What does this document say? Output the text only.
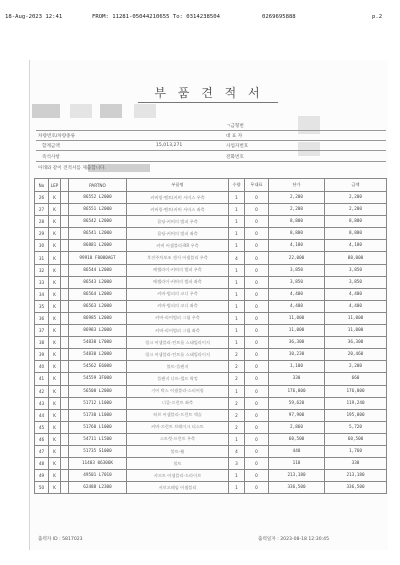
18-Aug-2023 12:41	FROM: 11281-05044210655 To: 0314238504	0269695888	p.2
부 품 견 적 서
ㄱ금형번
차량번호/차량종류	대 표 자
합계금액	15,013,271	사업자번호
즉석사항	전화번호
아래와 같이 견적서를 제출합니다.
No	LEP		PARTNO	부품명	수량	무대표	단가	금액
26	K		86552 L2000	커버링-벤트(커버 서비스 우측	1	0	2,200	2,200
27	K		86551 L2000	커버링-벤트(커버 서비스 좌측	1	0	2,200	2,200
28	K		86542 L2000	몰딩-커버의 범퍼 우측	1	0	8,800	8,800
29	K		86541 L2000	몰딩-커버의 범퍼 좌측	1	0	8,800	8,800
30	K		86881 L2000	커버 어셈블리-RR 우측	1	0	4,180	4,180
31	K		99910 F8000AGT	후진주차보조 센서 어셈블리 우측	4	0	22,000	88,000
32	K		86544 L2000	베젤라이-커버의 범퍼 우측	1	0	3,850	3,850
33	K		86543 L2000	베젤라이-커버의 범퍼 좌측	1	0	3,850	3,850
34	K		86564 L2000	커버-범퍼의 코너 우측	1	0	4,400	4,400
35	K		86563 L2000	커버-범퍼의 코너 좌측	1	0	4,400	4,400
36	K		86985 L2000	커버-리어범퍼 그립 우측	1	0	11,000	11,000
37	K		86983 L2000	커버-리어범퍼 그립 좌측	1	0	11,000	11,000
38	K		54830 L7000	링크 어셈블리-컨트롤 스태빌라이저	1	0	36,300	36,300
39	K		54830 L2000	링크 어셈블리-컨트롤 스태빌라이저	2	0	10,230	20,460
40	K		54562 E6000	볼트-플랜지	2	0	1,100	2,200
41	K		54559 3F000	플랜지 너트-셀프 락킹	2	0	330	660
42	K		56500 L2000	기어 박스 어셈블리-스티어링	1	0	176,000	176,000
43	K		51712 L1000	너클-프런트 좌측	2	0	59,620	119,240
44	K		51730 L1000	허브 어셈블리-프런트 액슬	2	0	97,900	195,800
45	K		51760 L1000	커버-프런트 브레이크 더스트	2	0	2,860	5,720
46	K		54711 L1500	스트럿-프런트 우측	1	0	60,500	60,500
47	K		51735 S1000	볼트-휠	4	0	440	1,760
48	K		11403 06306K	볼트	3	0	110	330
49	K		49501 L7010	샤프트 어셈블리-드라이브	1	0	213,180	213,180
50	K		62488 L2300	서브프레임 어셈블리	1	0	336,500	336,500
출력자 ID : 5817023	출력일자 : 2023-08-18 12:30:45
